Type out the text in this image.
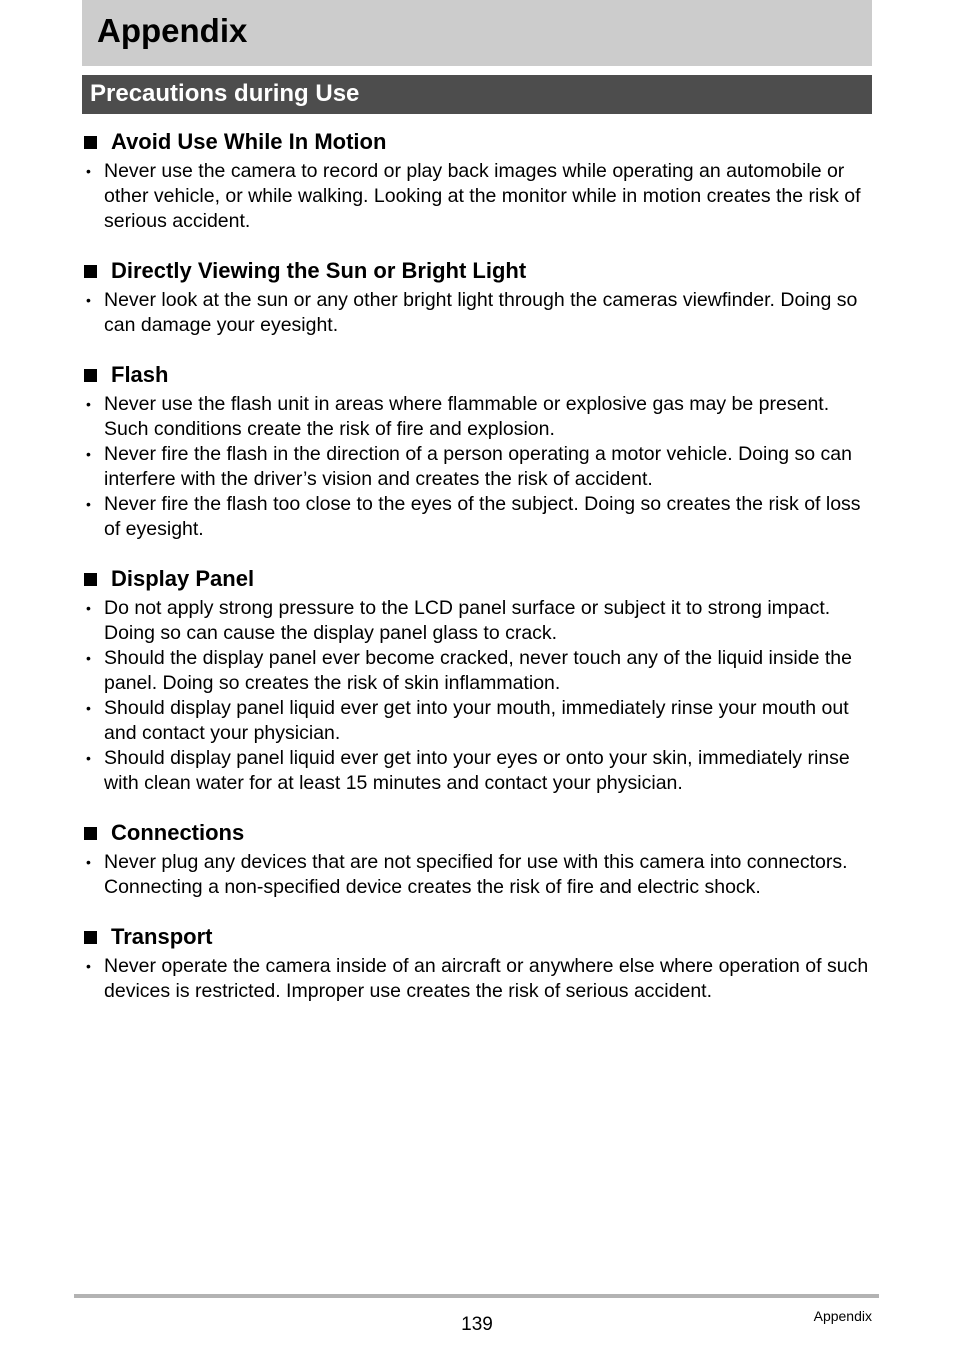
Appendix
Precautions during Use
Avoid Use While In Motion
• Never use the camera to record or play back images while operating an automobile or other vehicle, or while walking. Looking at the monitor while in motion creates the risk of serious accident.
Directly Viewing the Sun or Bright Light
• Never look at the sun or any other bright light through the cameras viewfinder. Doing so can damage your eyesight.
Flash
• Never use the flash unit in areas where flammable or explosive gas may be present. Such conditions create the risk of fire and explosion.
• Never fire the flash in the direction of a person operating a motor vehicle. Doing so can interfere with the driver’s vision and creates the risk of accident.
• Never fire the flash too close to the eyes of the subject. Doing so creates the risk of loss of eyesight.
Display Panel
• Do not apply strong pressure to the LCD panel surface or subject it to strong impact. Doing so can cause the display panel glass to crack.
• Should the display panel ever become cracked, never touch any of the liquid inside the panel. Doing so creates the risk of skin inflammation.
• Should display panel liquid ever get into your mouth, immediately rinse your mouth out and contact your physician.
• Should display panel liquid ever get into your eyes or onto your skin, immediately rinse with clean water for at least 15 minutes and contact your physician.
Connections
• Never plug any devices that are not specified for use with this camera into connectors. Connecting a non-specified device creates the risk of fire and electric shock.
Transport
• Never operate the camera inside of an aircraft or anywhere else where operation of such devices is restricted. Improper use creates the risk of serious accident.
139	Appendix
